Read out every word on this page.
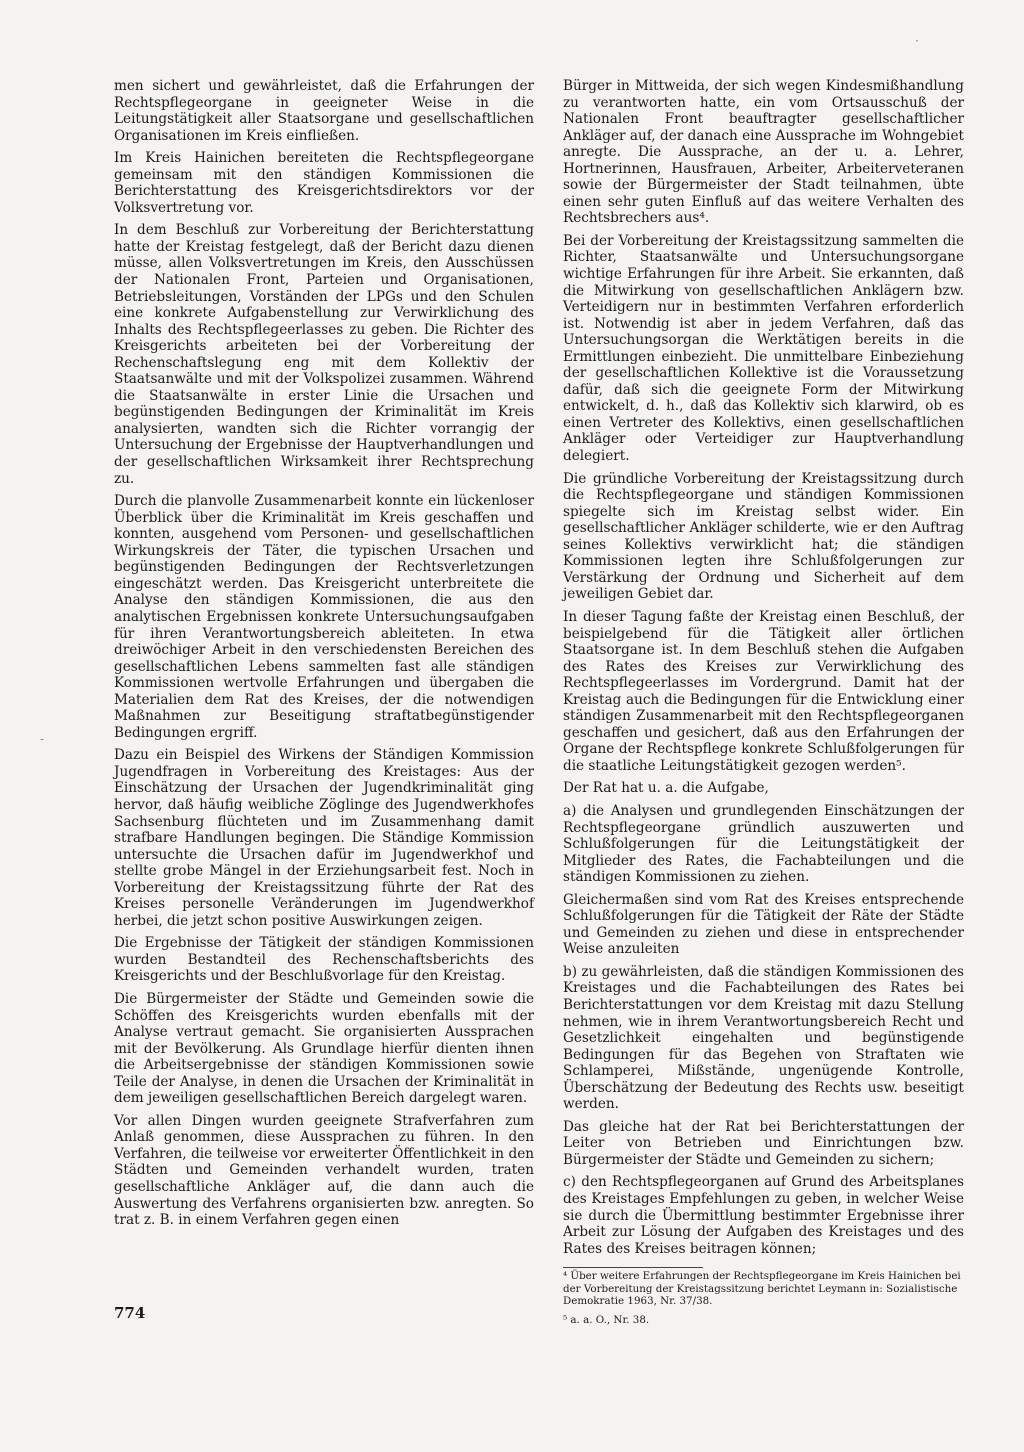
men sichert und gewährleistet, daß die Erfahrungen der Rechtspflegeorgane in geeigneter Weise in die Leitungstätigkeit aller Staatsorgane und gesellschaftlichen Organisationen im Kreis einfließen.

Im Kreis Hainichen bereiteten die Rechtspflegeorgane gemeinsam mit den ständigen Kommissionen die Berichterstattung des Kreisgerichtsdirektors vor der Volksvertretung vor.

In dem Beschluß zur Vorbereitung der Berichterstattung hatte der Kreistag festgelegt, daß der Bericht dazu dienen müsse, allen Volksvertretungen im Kreis, den Ausschüssen der Nationalen Front, Parteien und Organisationen, Betriebsleitungen, Vorständen der LPGs und den Schulen eine konkrete Aufgabenstellung zur Verwirklichung des Inhalts des Rechtspflegeerlasses zu geben. Die Richter des Kreisgerichts arbeiteten bei der Vorbereitung der Rechenschaftslegung eng mit dem Kollektiv der Staatsanwälte und mit der Volkspolizei zusammen. Während die Staatsanwälte in erster Linie die Ursachen und begünstigenden Bedingungen der Kriminalität im Kreis analysierten, wandten sich die Richter vorrangig der Untersuchung der Ergebnisse der Hauptverhandlungen und der gesellschaftlichen Wirksamkeit ihrer Rechtsprechung zu.

Durch die planvolle Zusammenarbeit konnte ein lückenloser Überblick über die Kriminalität im Kreis geschaffen und konnten, ausgehend vom Personen- und gesellschaftlichen Wirkungskreis der Täter, die typischen Ursachen und begünstigenden Bedingungen der Rechtsverletzungen eingeschätzt werden. Das Kreisgericht unterbreitete die Analyse den ständigen Kommissionen, die aus den analytischen Ergebnissen konkrete Untersuchungsaufgaben für ihren Verantwortungsbereich ableiteten. In etwa dreiwöchiger Arbeit in den verschiedensten Bereichen des gesellschaftlichen Lebens sammelten fast alle ständigen Kommissionen wertvolle Erfahrungen und übergaben die Materialien dem Rat des Kreises, der die notwendigen Maßnahmen zur Beseitigung straftatbegünstigender Bedingungen ergriff.

Dazu ein Beispiel des Wirkens der Ständigen Kommission Jugendfragen in Vorbereitung des Kreistages: Aus der Einschätzung der Ursachen der Jugendkriminalität ging hervor, daß häufig weibliche Zöglinge des Jugendwerkhofes Sachsenburg flüchteten und im Zusammenhang damit strafbare Handlungen begingen. Die Ständige Kommission untersuchte die Ursachen dafür im Jugendwerkhof und stellte grobe Mängel in der Erziehungsarbeit fest. Noch in Vorbereitung der Kreistagssitzung führte der Rat des Kreises personelle Veränderungen im Jugendwerkhof herbei, die jetzt schon positive Auswirkungen zeigen.

Die Ergebnisse der Tätigkeit der ständigen Kommissionen wurden Bestandteil des Rechenschaftsberichts des Kreisgerichts und der Beschlußvorlage für den Kreistag.

Die Bürgermeister der Städte und Gemeinden sowie die Schöffen des Kreisgerichts wurden ebenfalls mit der Analyse vertraut gemacht. Sie organisierten Aussprachen mit der Bevölkerung. Als Grundlage hierfür dienten ihnen die Arbeitsergebnisse der ständigen Kommissionen sowie Teile der Analyse, in denen die Ursachen der Kriminalität in dem jeweiligen gesellschaftlichen Bereich dargelegt waren.

Vor allen Dingen wurden geeignete Strafverfahren zum Anlaß genommen, diese Aussprachen zu führen. In den Verfahren, die teilweise vor erweiterter Öffentlichkeit in den Städten und Gemeinden verhandelt wurden, traten gesellschaftliche Ankläger auf, die dann auch die Auswertung des Verfahrens organisierten bzw. anregten. So trat z. B. in einem Verfahren gegen einen

Bürger in Mittweida, der sich wegen Kindesmißhandlung zu verantworten hatte, ein vom Ortsausschuß der Nationalen Front beauftragter gesellschaftlicher Ankläger auf, der danach eine Aussprache im Wohngebiet anregte. Die Aussprache, an der u. a. Lehrer, Hortnerinnen, Hausfrauen, Arbeiter, Arbeiterveteranen sowie der Bürgermeister der Stadt teilnahmen, übte einen sehr guten Einfluß auf das weitere Verhalten des Rechtsbrechers aus⁴.

Bei der Vorbereitung der Kreistagssitzung sammelten die Richter, Staatsanwälte und Untersuchungsorgane wichtige Erfahrungen für ihre Arbeit. Sie erkannten, daß die Mitwirkung von gesellschaftlichen Anklägern bzw. Verteidigern nur in bestimmten Verfahren erforderlich ist. Notwendig ist aber in jedem Verfahren, daß das Untersuchungsorgan die Werktätigen bereits in die Ermittlungen einbezieht. Die unmittelbare Einbeziehung der gesellschaftlichen Kollektive ist die Voraussetzung dafür, daß sich die geeignete Form der Mitwirkung entwickelt, d. h., daß das Kollektiv sich klarwird, ob es einen Vertreter des Kollektivs, einen gesellschaftlichen Ankläger oder Verteidiger zur Hauptverhandlung delegiert.

Die gründliche Vorbereitung der Kreistagssitzung durch die Rechtspflegeorgane und ständigen Kommissionen spiegelte sich im Kreistag selbst wider. Ein gesellschaftlicher Ankläger schilderte, wie er den Auftrag seines Kollektivs verwirklicht hat; die ständigen Kommissionen legten ihre Schlußfolgerungen zur Verstärkung der Ordnung und Sicherheit auf dem jeweiligen Gebiet dar.

In dieser Tagung faßte der Kreistag einen Beschluß, der beispielgebend für die Tätigkeit aller örtlichen Staatsorgane ist. In dem Beschluß stehen die Aufgaben des Rates des Kreises zur Verwirklichung des Rechtspflegeerlasses im Vordergrund. Damit hat der Kreistag auch die Bedingungen für die Entwicklung einer ständigen Zusammenarbeit mit den Rechtspflegeorganen geschaffen und gesichert, daß aus den Erfahrungen der Organe der Rechtspflege konkrete Schlußfolgerungen für die staatliche Leitungstätigkeit gezogen werden⁵.

Der Rat hat u. a. die Aufgabe,

a) die Analysen und grundlegenden Einschätzungen der Rechtspflegeorgane gründlich auszuwerten und Schlußfolgerungen für die Leitungstätigkeit der Mitglieder des Rates, die Fachabteilungen und die ständigen Kommissionen zu ziehen.

Gleichermaßen sind vom Rat des Kreises entsprechende Schlußfolgerungen für die Tätigkeit der Räte der Städte und Gemeinden zu ziehen und diese in entsprechender Weise anzuleiten

b) zu gewährleisten, daß die ständigen Kommissionen des Kreistages und die Fachabteilungen des Rates bei Berichterstattungen vor dem Kreistag mit dazu Stellung nehmen, wie in ihrem Verantwortungsbereich Recht und Gesetzlichkeit eingehalten und begünstigende Bedingungen für das Begehen von Straftaten wie Schlamperei, Mißstände, ungenügende Kontrolle, Überschätzung der Bedeutung des Rechts usw. beseitigt werden.

Das gleiche hat der Rat bei Berichterstattungen der Leiter von Betrieben und Einrichtungen bzw. Bürgermeister der Städte und Gemeinden zu sichern;

c) den Rechtspflegeorganen auf Grund des Arbeitsplanes des Kreistages Empfehlungen zu geben, in welcher Weise sie durch die Übermittlung bestimmter Ergebnisse ihrer Arbeit zur Lösung der Aufgaben des Kreistages und des Rates des Kreises beitragen können;

⁴ Über weitere Erfahrungen der Rechtspflegeorgane im Kreis Hainichen bei der Vorbereitung der Kreistagssitzung berichtet Leymann in: Sozialistische Demokratie 1963, Nr. 37/38.

⁵ a. a. O., Nr. 38.

774
·
-
